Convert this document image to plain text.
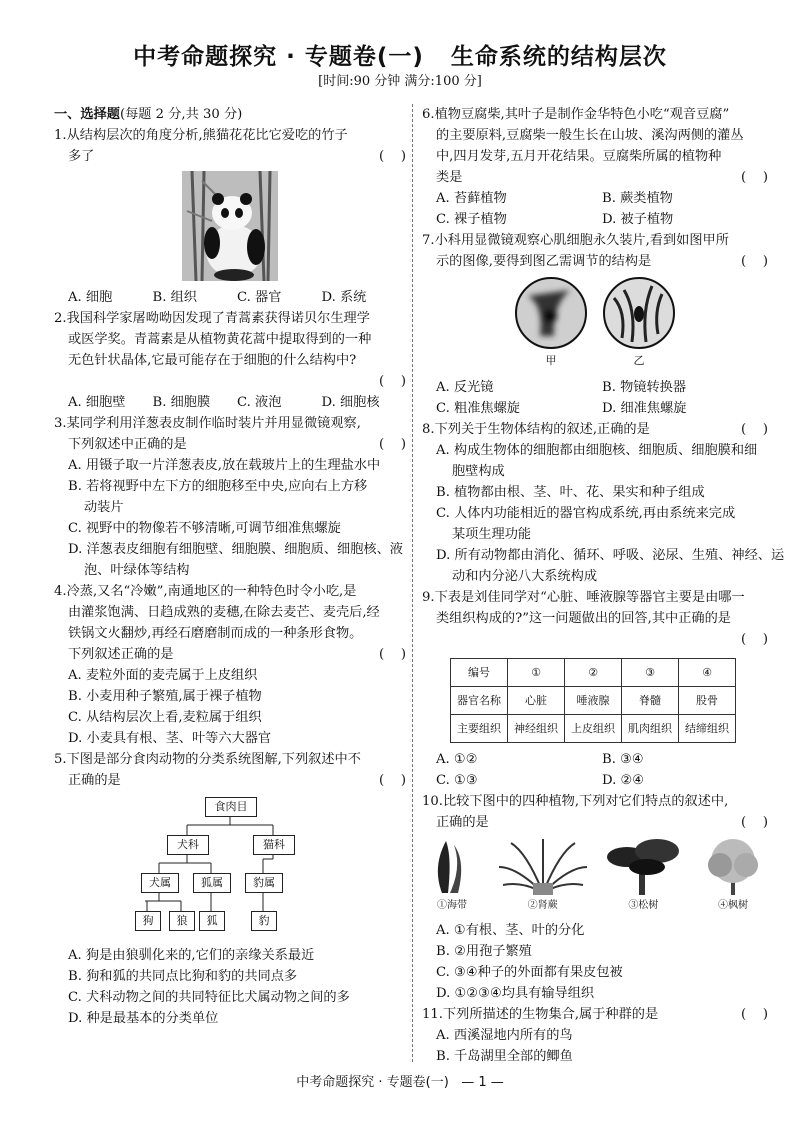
中考命题探究 · 专题卷(一)   生命系统的结构层次
[时间:90 分钟 满分:100 分]
一、选择题(每题 2 分,共 30 分)
1.从结构层次的角度分析,熊猫花花比它爱吃的竹子
多了	(    )
A. 细胞	B. 组织	C. 器官	D. 系统
2.我国科学家屠呦呦因发现了青蒿素获得诺贝尔生理学
或医学奖。青蒿素是从植物黄花蒿中提取得到的一种
无色针状晶体,它最可能存在于细胞的什么结构中?
(    )
A. 细胞壁	B. 细胞膜	C. 液泡	D. 细胞核
3.某同学利用洋葱表皮制作临时装片并用显微镜观察,
下列叙述中正确的是	(    )
A. 用镊子取一片洋葱表皮,放在载玻片上的生理盐水中
B. 若将视野中左下方的细胞移至中央,应向右上方移
动装片
C. 视野中的物像若不够清晰,可调节细准焦螺旋
D. 洋葱表皮细胞有细胞壁、细胞膜、细胞质、细胞核、液
泡、叶绿体等结构
4.冷蒸,又名“冷嫩”,南通地区的一种特色时令小吃,是
由灌浆饱满、日趋成熟的麦穗,在除去麦芒、麦壳后,经
铁锅文火翻炒,再经石磨磨制而成的一种条形食物。
下列叙述正确的是	(    )
A. 麦粒外面的麦壳属于上皮组织
B. 小麦用种子繁殖,属于裸子植物
C. 从结构层次上看,麦粒属于组织
D. 小麦具有根、茎、叶等六大器官
5.下图是部分食肉动物的分类系统图解,下列叙述中不
正确的是	(    )
食肉目
犬科	猫科
犬属	狐属	豹属
狗	狼	狐	豹
A. 狗是由狼驯化来的,它们的亲缘关系最近
B. 狗和狐的共同点比狗和豹的共同点多
C. 犬科动物之间的共同特征比犬属动物之间的多
D. 种是最基本的分类单位
6.植物豆腐柴,其叶子是制作金华特色小吃“观音豆腐”
的主要原料,豆腐柴一般生长在山坡、溪沟两侧的灌丛
中,四月发芽,五月开花结果。豆腐柴所属的植物种
类是	(    )
A. 苔藓植物	B. 蕨类植物
C. 裸子植物	D. 被子植物
7.小科用显微镜观察心肌细胞永久装片,看到如图甲所
示的图像,要得到图乙需调节的结构是	(    )
甲	乙
A. 反光镜	B. 物镜转换器
C. 粗准焦螺旋	D. 细准焦螺旋
8.下列关于生物体结构的叙述,正确的是	(    )
A. 构成生物体的细胞都由细胞核、细胞质、细胞膜和细
胞壁构成
B. 植物都由根、茎、叶、花、果实和种子组成
C. 人体内功能相近的器官构成系统,再由系统来完成
某项生理功能
D. 所有动物都由消化、循环、呼吸、泌尿、生殖、神经、运
动和内分泌八大系统构成
9.下表是刘佳同学对“心脏、唾液腺等器官主要是由哪一
类组织构成的?”这一问题做出的回答,其中正确的是
(    )
编号	①	②	③	④
器官名称	心脏	唾液腺	脊髓	股骨
主要组织	神经组织	上皮组织	肌肉组织	结缔组织
A. ①②	B. ③④
C. ①③	D. ②④
10.比较下图中的四种植物,下列对它们特点的叙述中,
正确的是	(    )
①海带	②肾蕨	③松树	④枫树
A. ①有根、茎、叶的分化
B. ②用孢子繁殖
C. ③④种子的外面都有果皮包被
D. ①②③④均具有输导组织
11.下列所描述的生物集合,属于种群的是	(    )
A. 西溪湿地内所有的鸟
B. 千岛湖里全部的鲫鱼
中考命题探究 · 专题卷(一)   — 1 —
